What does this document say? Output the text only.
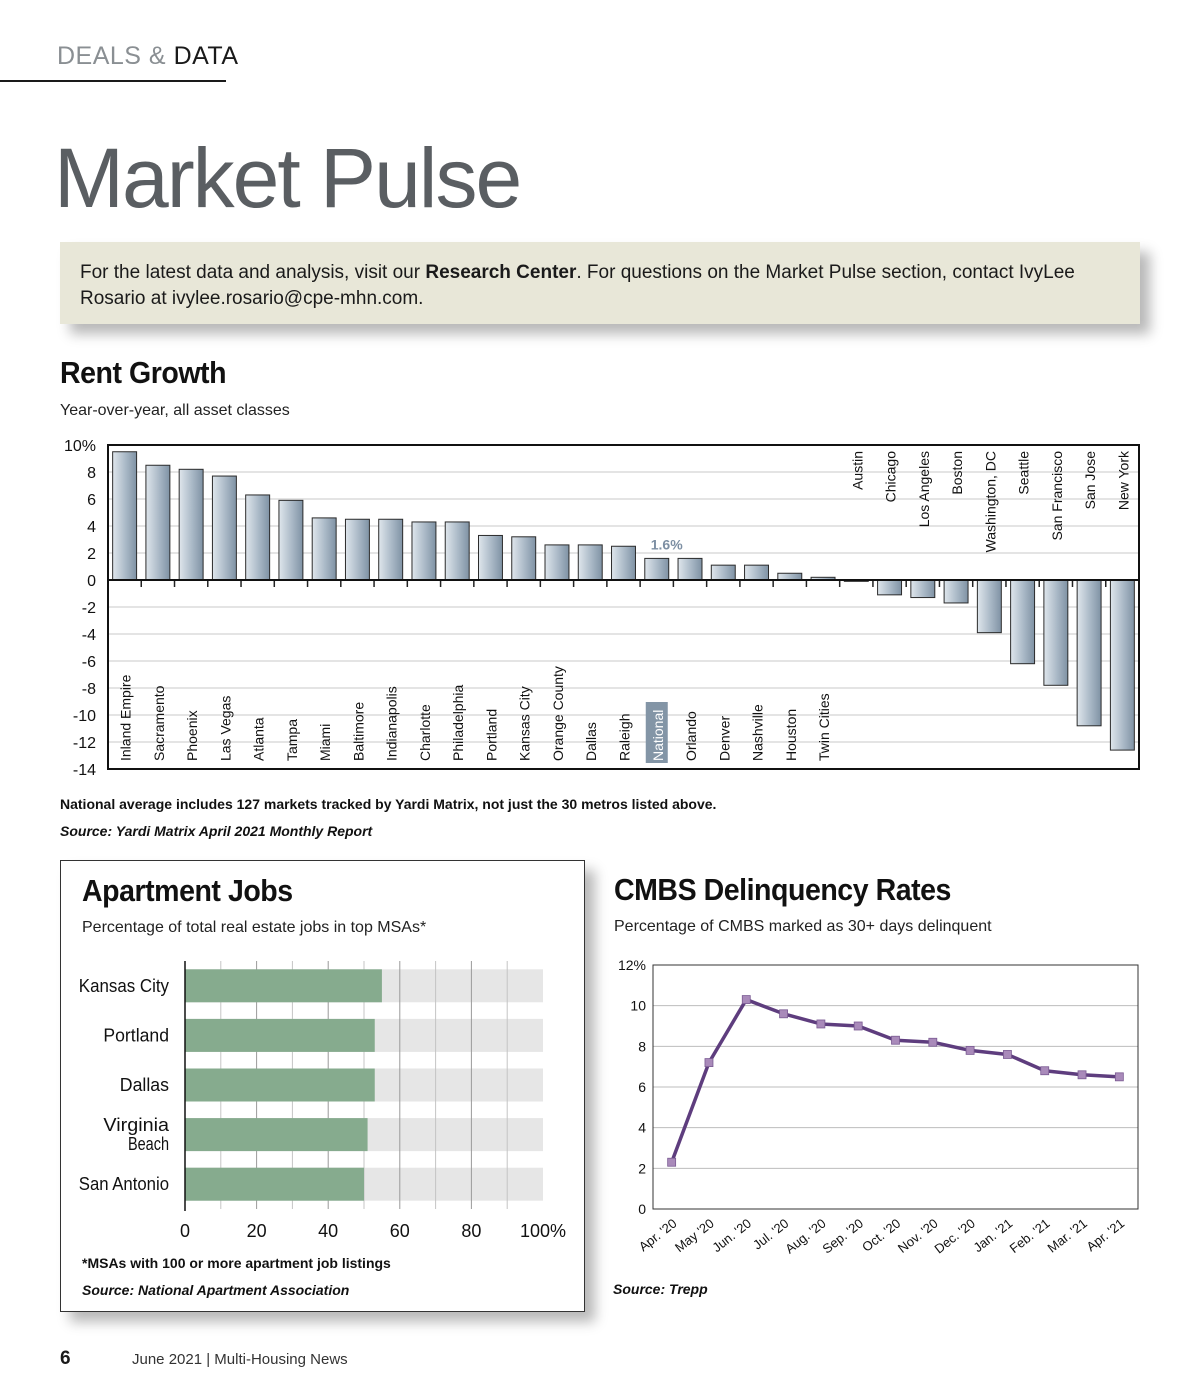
DEALS & DATA
Market Pulse
For the latest data and analysis, visit our Research Center. For questions on the Market Pulse section, contact IvyLee Rosario at ivylee.rosario@cpe-mhn.com.
Rent Growth
Year-over-year, all asset classes
10%
8
6
4
2
0
-2
-4
-6
-8
-10
-12
-14
Inland Empire Sacramento Phoenix Las Vegas Atlanta Tampa Miami Baltimore Indianapolis Charlotte Philadelphia Portland Kansas City Orange County Dallas Raleigh National
1.6%
Orlando Denver Nashville Houston Twin Cities
Austin Chicago Los Angeles Boston Washington, DC Seattle San Francisco San Jose New York
National average includes 127 markets tracked by Yardi Matrix, not just the 30 metros listed above.
Source: Yardi Matrix April 2021 Monthly Report
Apartment Jobs
Percentage of total real estate jobs in top MSAs*
Kansas City
Portland
Dallas
Virginia
Beach
San Antonio
0	20	40	60	80 100%
*MSAs with 100 or more apartment job listings
Source: National Apartment Association
CMBS Delinquency Rates
Percentage of CMBS marked as 30+ days delinquent
0
2
4
6
8
10
12%
Apr. '20
May '20
Jun. '20
Jul. '20
Aug. '20
Sep. '20
Oct. '20
Nov. '20
Dec. '20
Jan. '21
Feb. '21
Mar. '21
Apr. '21
Source: Trepp
6	June 2021 | Multi-Housing News
